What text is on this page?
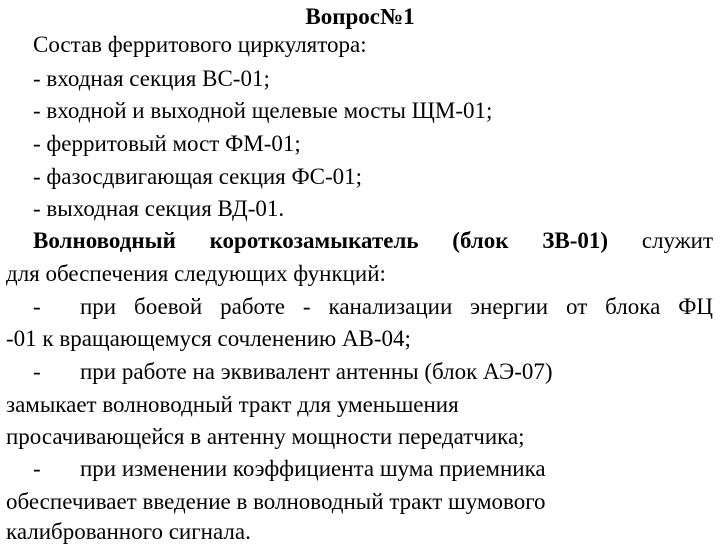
Вопрос№1
Состав ферритового циркулятора:
- входная секция ВС-01;
- входной и выходной щелевые мосты ЩМ-01;
- ферритовый мост ФМ-01;
- фазосдвигающая секция ФС-01;
- выходная секция ВД-01.
Волноводный короткозамыкатель (блок ЗВ-01) служит
для обеспечения следующих функций:
- при боевой работе - канализации энергии от блока ФЦ
-01 к вращающемуся сочленению АВ-04;
- при работе на эквивалент антенны (блок АЭ-07)
замыкает волноводный тракт для уменьшения
просачивающейся в антенну мощности передатчика;
- при изменении коэффициента шума приемника
обеспечивает введение в волноводный тракт шумового
калиброванного сигнала.
